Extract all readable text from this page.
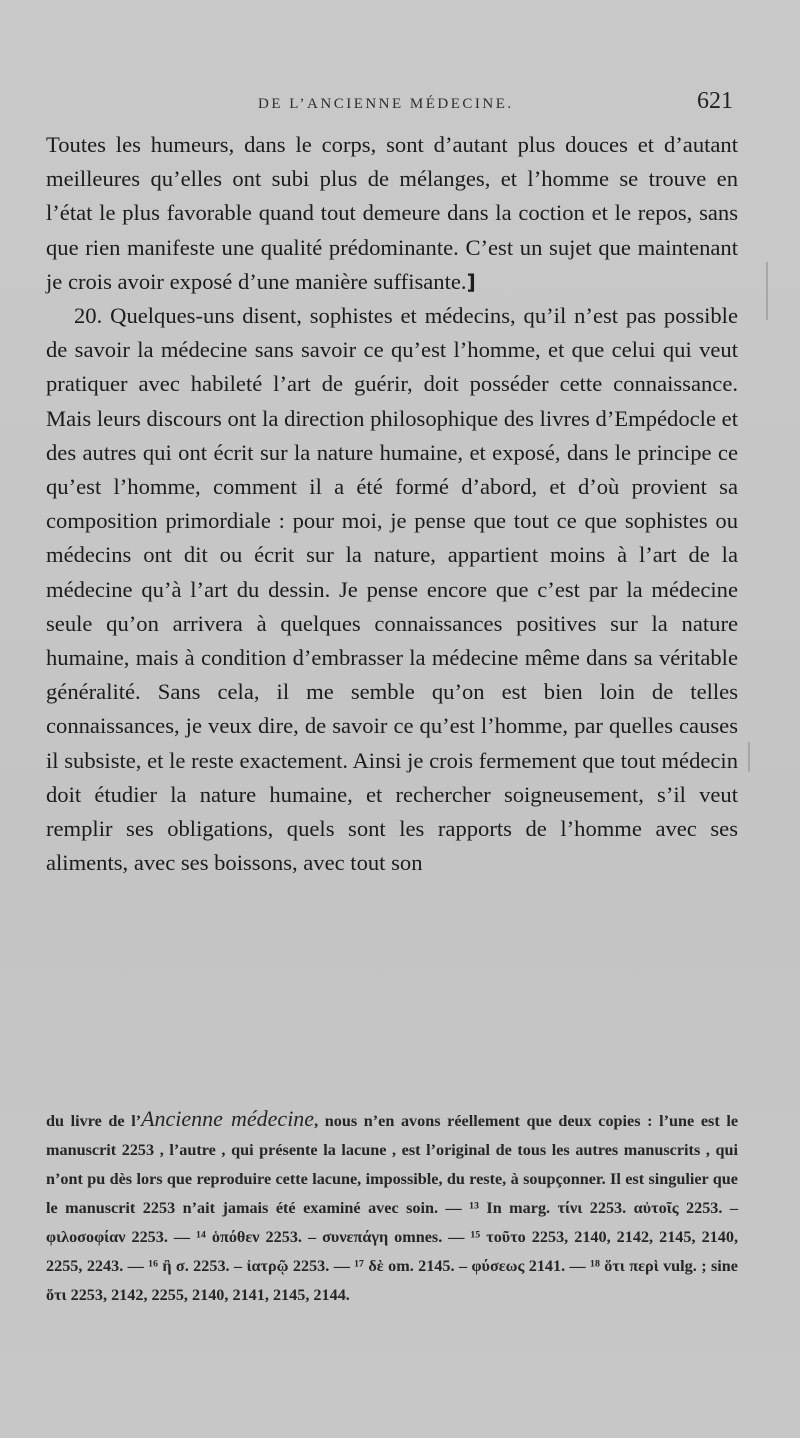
DE L’ANCIENNE MÉDECINE.	621

Toutes les humeurs, dans le corps, sont d’autant plus douces et d’autant meilleures qu’elles ont subi plus de mélanges, et l’homme se trouve en l’état le plus favorable quand tout demeure dans la coction et le repos, sans que rien manifeste une qualité prédominante. C’est un sujet que maintenant je crois avoir exposé d’une manière suffisante.]

20. Quelques-uns disent, sophistes et médecins, qu’il n’est pas possible de savoir la médecine sans savoir ce qu’est l’homme, et que celui qui veut pratiquer avec habileté l’art de guérir, doit posséder cette connaissance. Mais leurs discours ont la direction philosophique des livres d’Empédocle et des autres qui ont écrit sur la nature humaine, et exposé, dans le principe ce qu’est l’homme, comment il a été formé d’abord, et d’où provient sa composition primordiale : pour moi, je pense que tout ce que sophistes ou médecins ont dit ou écrit sur la nature, appartient moins à l’art de la médecine qu’à l’art du dessin. Je pense encore que c’est par la médecine seule qu’on arrivera à quelques connaissances positives sur la nature humaine, mais à condition d’embrasser la médecine même dans sa véritable généralité. Sans cela, il me semble qu’on est bien loin de telles connaissances, je veux dire, de savoir ce qu’est l’homme, par quelles causes il subsiste, et le reste exactement. Ainsi je crois fermement que tout médecin doit étudier la nature humaine, et rechercher soigneusement, s’il veut remplir ses obligations, quels sont les rapports de l’homme avec ses aliments, avec ses boissons, avec tout son

du livre de l’Ancienne médecine, nous n’en avons réellement que deux copies : l’une est le manuscrit 2253 , l’autre , qui présente la lacune , est l’original de tous les autres manuscrits , qui n’ont pu dès lors que reproduire cette lacune, impossible, du reste, à soupçonner. Il est singulier que le manuscrit 2253 n’ait jamais été examiné avec soin. — ¹³ In marg. τίνι 2253. αὐτοῖς 2253. – φιλοσοφίαν 2253. — ¹⁴ ὁπόθεν 2253. – συνεπάγη omnes. — ¹⁵ τοῦτο 2253, 2140, 2142, 2145, 2140, 2255, 2243. — ¹⁶ ἢ σ. 2253. – ἰατρῷ 2253. — ¹⁷ δὲ om. 2145. – φύσεως 2141. — ¹⁸ ὅτι περὶ vulg. ; sine ὅτι 2253, 2142, 2255, 2140, 2141, 2145, 2144.
